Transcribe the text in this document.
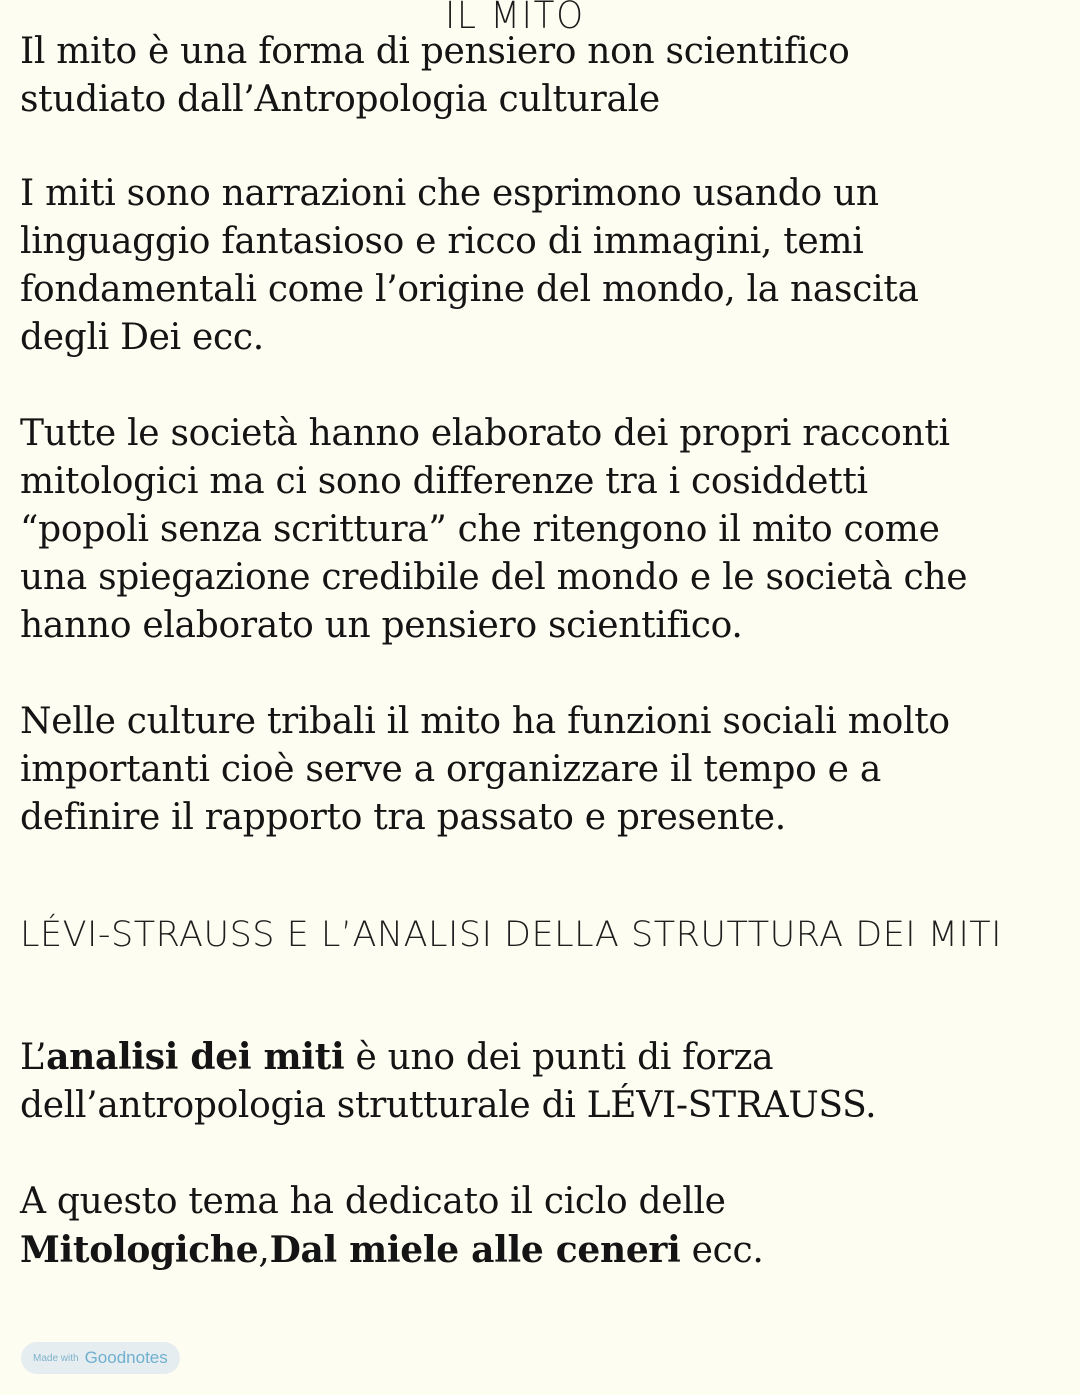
IL MITO

Il mito è una forma di pensiero non scientifico
studiato dall’Antropologia culturale

I miti sono narrazioni che esprimono usando un
linguaggio fantasioso e ricco di immagini, temi
fondamentali come l’origine del mondo, la nascita
degli Dei ecc.

Tutte le società hanno elaborato dei propri racconti
mitologici ma ci sono differenze tra i cosiddetti
“popoli senza scrittura” che ritengono il mito come
una spiegazione credibile del mondo e le società che
hanno elaborato un pensiero scientifico.

Nelle culture tribali il mito ha funzioni sociali molto
importanti cioè serve a organizzare il tempo e a
definire il rapporto tra passato e presente.

LÉVI-STRAUSS E L’ANALISI DELLA STRUTTURA DEI MITI

L’analisi dei miti è uno dei punti di forza
dell’antropologia strutturale di LÉVI-STRAUSS.

A questo tema ha dedicato il ciclo delle
Mitologiche,Dal miele alle ceneri ecc.

Made with Goodnotes
